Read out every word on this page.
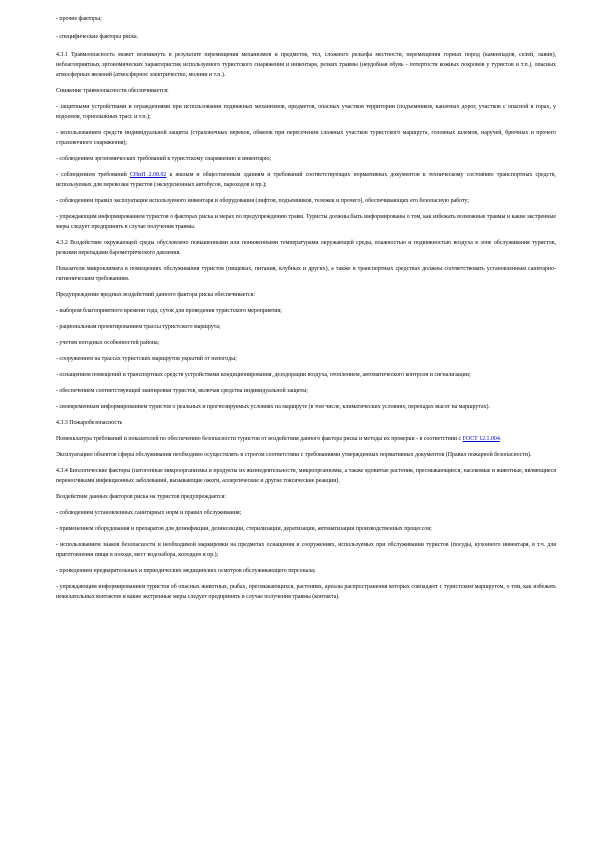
- прочие факторы;

- специфические факторы риска.

4.3.1 Травмоопасность может возникнуть в результате перемещения механизмов и предметов, тел, сложного рельефа местности, перемещения горных пород (камнепадов, селей, лавин), неблагоприятных эргономических характеристик используемого туристского снаряжения и инвентаря, резких травмы (неудобная обувь - потертости кожных покровов у туристов и т.п.), опасных атмосферных явлений (атмосферное электричество, молнии и т.п.).

Снижение травмоопасности обеспечивается:

- защитными устройствами и ограждениями при использовании подвижных механизмов, предметов, опасных участков территории (подъемников, канатных дорог, участков с опасной в горах, у водоемов, горнолыжных трасс и т.п.);

- использованием средств индивидуальной защиты (страховочных веревок, обвязок при пересечении сложных участков туристского маршрута, головных шлемов, наручей, брючных и прочего страховочного снаряжения);

- соблюдением эргономических требований к туристскому снаряжению и инвентарю;

- соблюдением требований СНиП 2.08.02 к жилым и общественным зданиям и требований соответствующих нормативных документов к техническому состоянию транспортных средств, используемых для перевозки туристов (экскурсионных автобусов, пароходов и пр.);

- соблюдением правил эксплуатации используемого инвентаря и оборудования (лифтов, подъемников, тележек и прочего), обеспечивающих его безопасную работу;

- упреждающим информированием туристов о факторах риска и мерах по предупреждению травм. Туристы должны быть информированы о том, как избежать возможные травмы и какие экстренные меры следует предпринять в случае получения травмы.

4.3.2 Воздействие окружающей среды обусловлено повышенными или пониженными температурами окружающей среды, влажностью и подвижностью воздуха в зоне обслуживания туристов, резкими перепадами барометрического давления.

Показатели микроклимата в помещениях обслуживания туристов (пищевых, питания, клубных и других), а также в транспортных средствах должны соответствовать установленным санитарно-гигиеническим требованиям.

Предупреждение вредных воздействий данного фактора риска обеспечивается:

- выбором благоприятного времени года, суток для проведения туристского мероприятия;

- рациональным проектированием трассы туристского маршрута;

- учетом погодных особенностей района;

- сооружением на трассах туристских маршрутов укрытий от непогоды;

- оснащением помещений и транспортных средств устройствами кондиционирования, дезодорации воздуха, отоплением, автоматического контроля и сигнализации;

- обеспечением соответствующей экипировки туристов, включая средства индивидуальной защиты;

- своевременным информированием туристов о реальных и прогнозируемых условиях на маршруте (в том числе, климатических условиях, перепадах высот на маршрутах).

4.3.3 Пожаробезопасность

Номенклатура требований и показателей по обеспечению безопасности туристов от воздействия данного фактора риска и методы их проверки - в соответствии с ГОСТ 12.1.004.

Эксплуатацию объектов сферы обслуживания необходимо осуществлять в строгом соответствии с требованиями утвержденных нормативных документов (Правил пожарной безопасности).

4.3.4 Биологические факторы (патогенные микроорганизмы и продукты их жизнедеятельности, микроорганизмы, а также ядовитые растения, пресмыкающиеся, насекомые и животные, являющиеся переносчиками инфекционных заболеваний, вызывающие ожоги, аллергические и другие токсические реакции).

Воздействие данных факторов риска на туристов предупреждается:

- соблюдением установленных санитарных норм и правил обслуживания;

- применением оборудования и препаратов для дезинфекции, дезинсекции, стерилизации, дератизации, автоматизации производственных процессов;

- использованием знаков безопасности и необходимой маркировки на предметах оснащения и сооружениях, используемых при обслуживании туристов (посуды, кухонного инвентаря, в т.ч. для приготовления пищи в походе, мест водозабора, колодцев и пр.);

- проведением предварительных и периодических медицинских осмотров обслуживающего персонала;

- упреждающим информированием туристов об опасных животных, рыбах, пресмыкающихся, растениях, ареалы распространения которых совпадают с туристским маршрутом, о том, как избежать нежелательных контактов и какие экстренные меры следует предпринять в случае получения травмы (контакта).
